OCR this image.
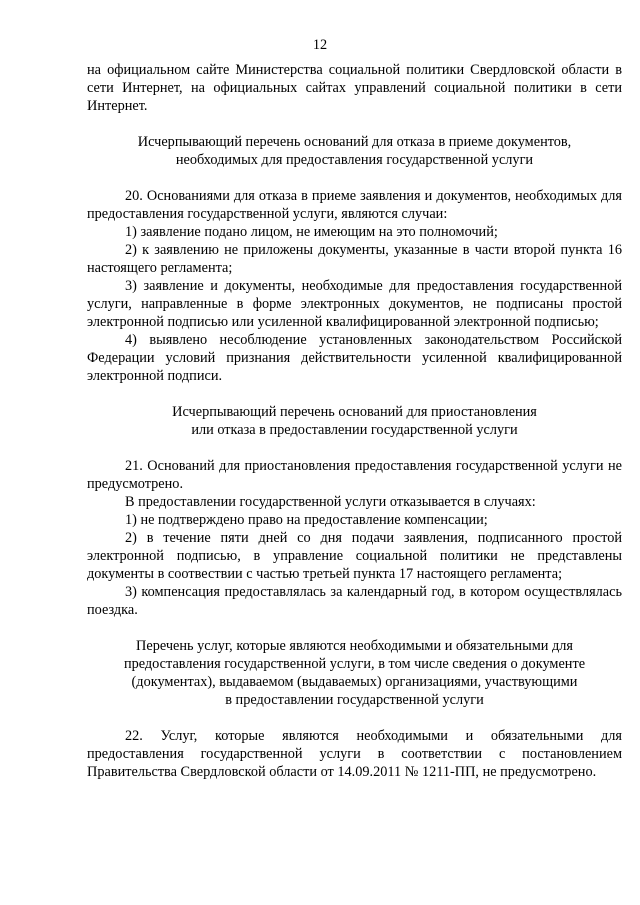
12

на официальном сайте Министерства социальной политики Свердловской области в сети Интернет, на официальных сайтах управлений социальной политики в сети Интернет.

Исчерпывающий перечень оснований для отказа в приеме документов,

необходимых для предоставления государственной услуги

20. Основаниями для отказа в приеме заявления и документов, необходимых для предоставления государственной услуги, являются случаи:

1) заявление подано лицом, не имеющим на это полномочий;

2) к заявлению не приложены документы, указанные в части второй пункта 16 настоящего регламента;

3) заявление и документы, необходимые для предоставления государственной услуги, направленные в форме электронных документов, не подписаны простой электронной подписью или усиленной квалифицированной электронной подписью;

4) выявлено несоблюдение установленных законодательством Российской Федерации условий признания действительности усиленной квалифицированной электронной подписи.

Исчерпывающий перечень оснований для приостановления

или отказа в предоставлении государственной услуги

21. Оснований для приостановления предоставления государственной услуги не предусмотрено.

В предоставлении государственной услуги отказывается в случаях:

1) не подтверждено право на предоставление компенсации;

2) в течение пяти дней со дня подачи заявления, подписанного простой электронной подписью, в управление социальной политики не представлены документы в соотвествии с частью третьей пункта 17 настоящего регламента;

3) компенсация предоставлялась за календарный год, в котором осуществлялась поездка.

Перечень услуг, которые являются необходимыми и обязательными для

предоставления государственной услуги, в том числе сведения о документе

(документах), выдаваемом (выдаваемых) организациями, участвующими

в предоставлении государственной услуги

22. Услуг, которые являются необходимыми и обязательными для предоставления государственной услуги в соответствии с постановлением Правительства Свердловской области от 14.09.2011 № 1211-ПП, не предусмотрено.
